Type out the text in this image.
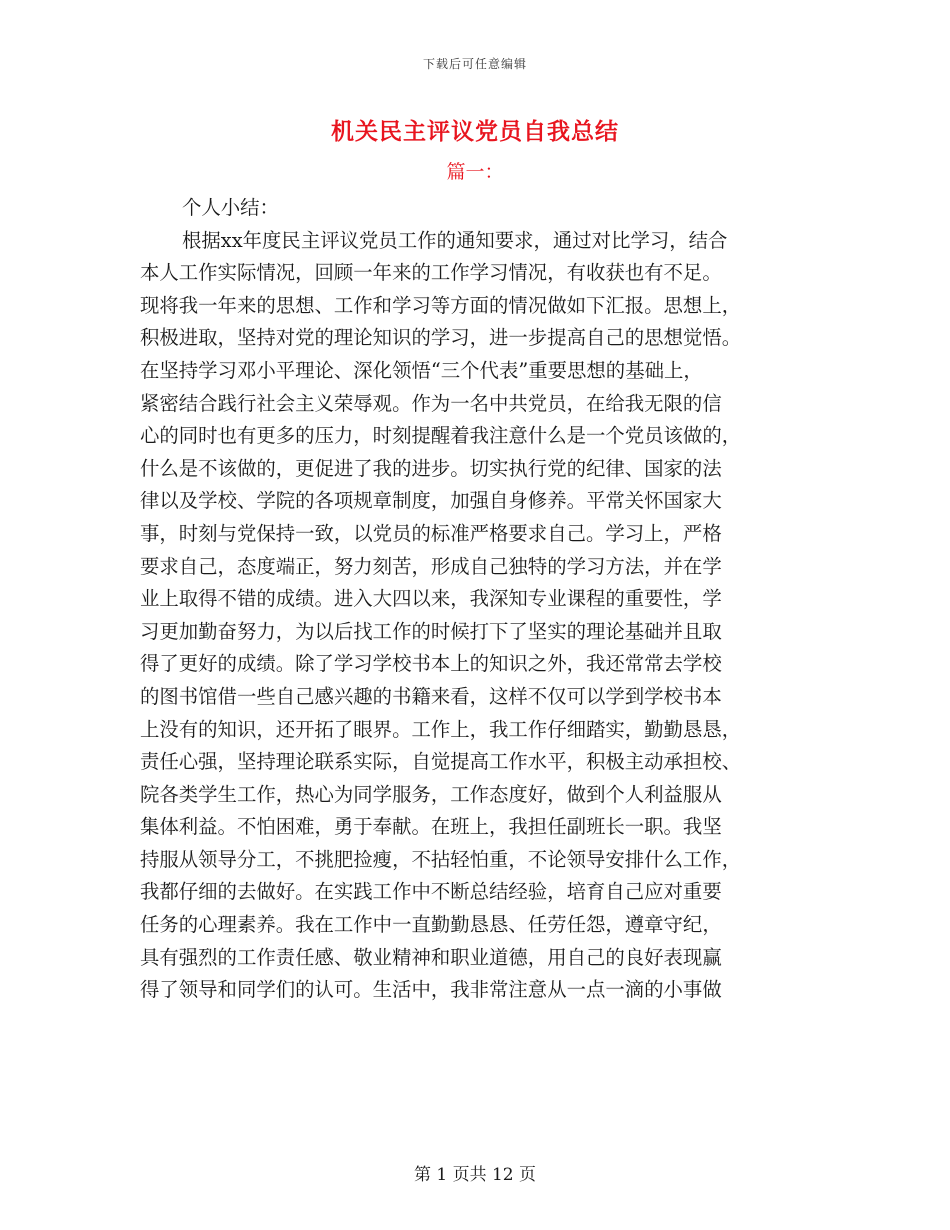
下载后可任意编辑
机关民主评议党员自我总结
篇一：
个人小结：
根据xx年度民主评议党员工作的通知要求，通过对比学习，结合
本人工作实际情况，回顾一年来的工作学习情况，有收获也有不足。
现将我一年来的思想、工作和学习等方面的情况做如下汇报。思想上，
积极进取，坚持对党的理论知识的学习，进一步提高自己的思想觉悟。
在坚持学习邓小平理论、深化领悟“三个代表”重要思想的基础上，
紧密结合践行社会主义荣辱观。作为一名中共党员，在给我无限的信
心的同时也有更多的压力，时刻提醒着我注意什么是一个党员该做的，
什么是不该做的，更促进了我的进步。切实执行党的纪律、国家的法
律以及学校、学院的各项规章制度，加强自身修养。平常关怀国家大
事，时刻与党保持一致，以党员的标准严格要求自己。学习上，严格
要求自己，态度端正，努力刻苦，形成自己独特的学习方法，并在学
业上取得不错的成绩。进入大四以来，我深知专业课程的重要性，学
习更加勤奋努力，为以后找工作的时候打下了坚实的理论基础并且取
得了更好的成绩。除了学习学校书本上的知识之外，我还常常去学校
的图书馆借一些自己感兴趣的书籍来看，这样不仅可以学到学校书本
上没有的知识，还开拓了眼界。工作上，我工作仔细踏实，勤勤恳恳，
责任心强，坚持理论联系实际，自觉提高工作水平，积极主动承担校、
院各类学生工作，热心为同学服务，工作态度好，做到个人利益服从
集体利益。不怕困难，勇于奉献。在班上，我担任副班长一职。我坚
持服从领导分工，不挑肥捡瘦，不拈轻怕重，不论领导安排什么工作，
我都仔细的去做好。在实践工作中不断总结经验，培育自己应对重要
任务的心理素养。我在工作中一直勤勤恳恳、任劳任怨，遵章守纪，
具有强烈的工作责任感、敬业精神和职业道德，用自己的良好表现赢
得了领导和同学们的认可。生活中，我非常注意从一点一滴的小事做
第 1 页共 12 页
